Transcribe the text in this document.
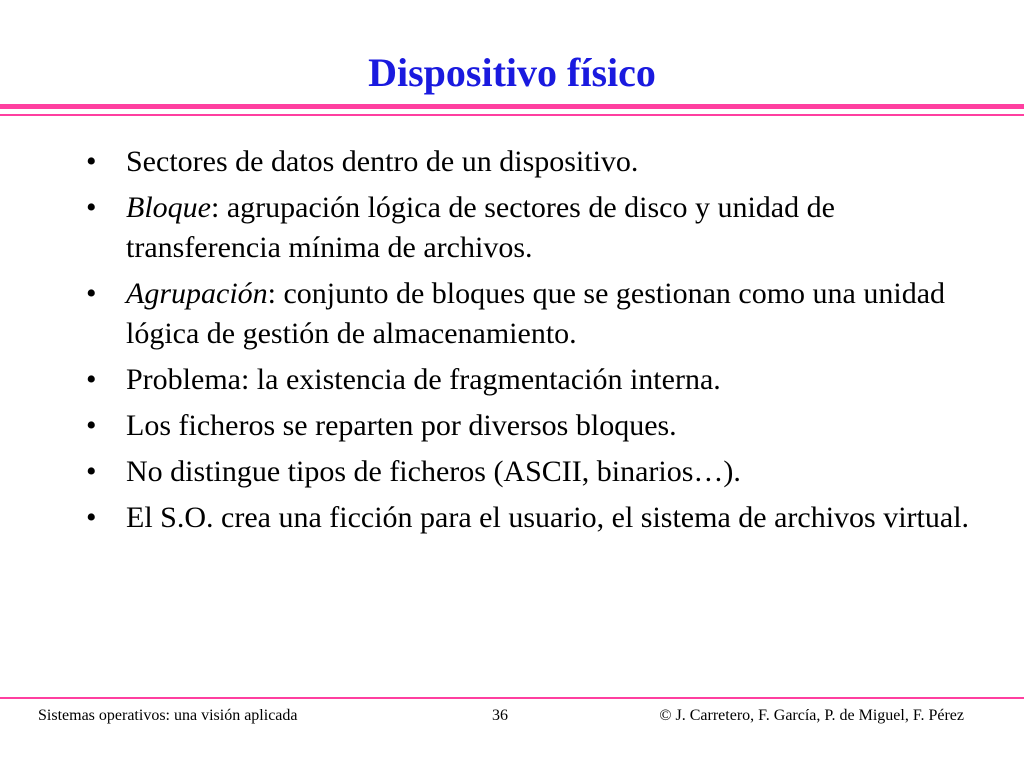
Dispositivo físico
• Sectores de datos dentro de un dispositivo.
• Bloque: agrupación lógica de sectores de disco y unidad de transferencia mínima de archivos.
• Agrupación: conjunto de bloques que se gestionan como una unidad lógica de gestión de almacenamiento.
• Problema: la existencia de fragmentación interna.
• Los ficheros se reparten por diversos bloques.
• No distingue tipos de ficheros (ASCII, binarios…).
• El S.O. crea una ficción para el usuario, el sistema de archivos virtual.
Sistemas operativos: una visión aplicada	36	© J. Carretero, F. García, P. de Miguel, F. Pérez
